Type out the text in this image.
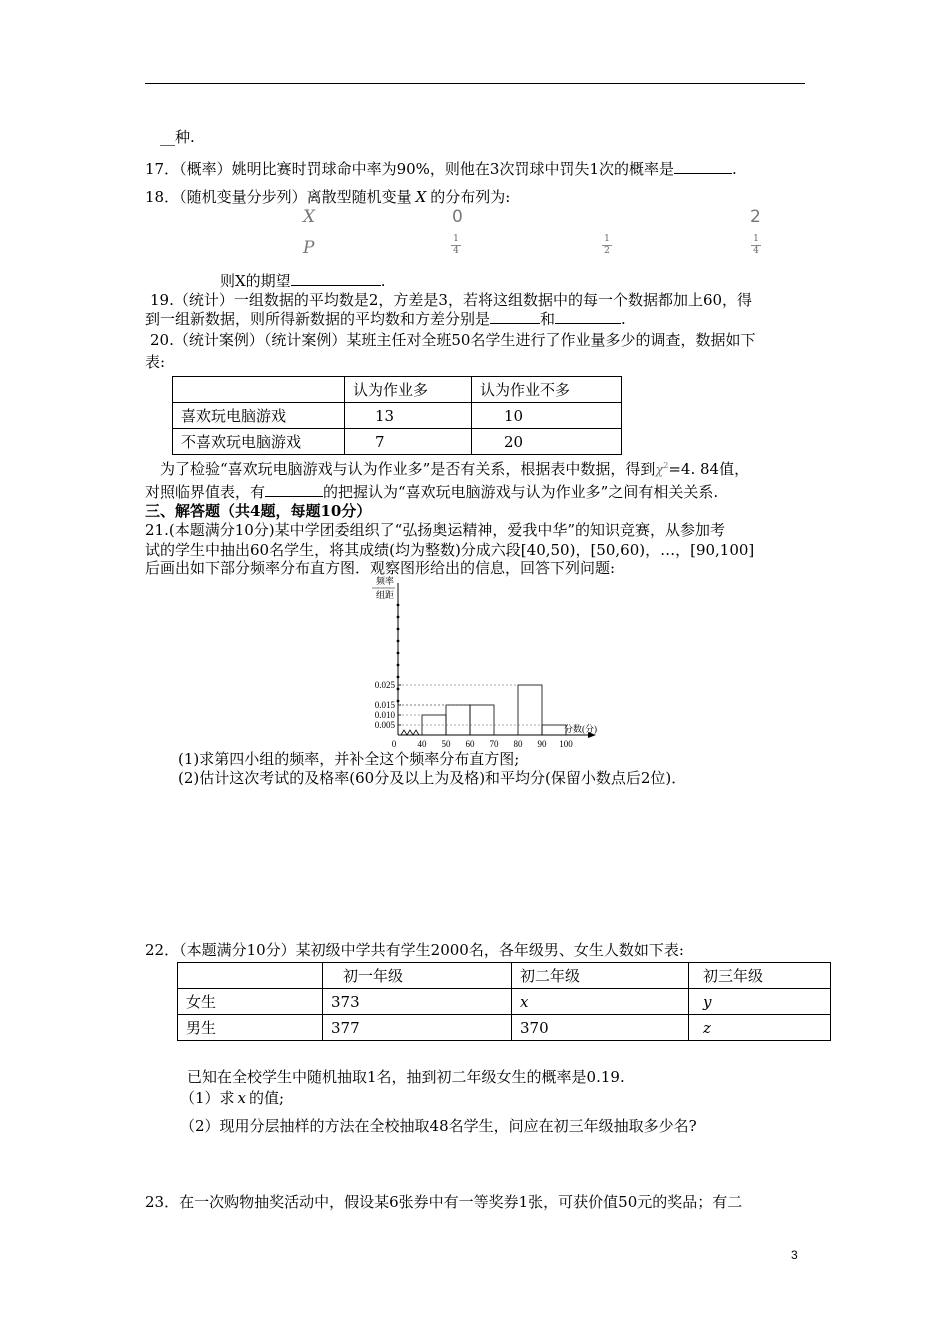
__种.
17．（概率）姚明比赛时罚球命中率为90%，则他在3次罚球中罚失1次的概率是	.
18．（随机变量分步列）离散型随机变量 X 的分布列为:
X	0	2
P	$\frac{1}{4}$	$\frac{1}{2}$	$\frac{1}{4}$
则X的期望	.
19.（统计）一组数据的平均数是2，方差是3，若将这组数据中的每一个数据都加上60，得
到一组新数据，则所得新数据的平均数和方差分别是	和	.
20.（统计案例）（统计案例）某班主任对全班50名学生进行了作业量多少的调查，数据如下
表:
	认为作业多	认为作业不多
喜欢玩电脑游戏	13	10
不喜欢玩电脑游戏	7	20
为了检验“喜欢玩电脑游戏与认为作业多”是否有关系，根据表中数据，得到$\chi^2=4$. 84值，
对照临界值表，有	的把握认为“喜欢玩电脑游戏与认为作业多”之间有相关关系.
三、解答题（共4题，每题10分）
21.(本题满分10分)某中学团委组织了“弘扬奥运精神，爱我中华”的知识竞赛，从参加考
试的学生中抽出60名学生，将其成绩(均为整数)分成六段[40,50)，[50,60)，…，[90,100]
后画出如下部分频率分布直方图．观察图形给出的信息，回答下列问题:
频率
组距
0.005
0.010
0.015
0.025
40 50 60 70 80 90 100
0
分数(分)
(1)求第四小组的频率，并补全这个频率分布直方图;
(2)估计这次考试的及格率(60分及以上为及格)和平均分(保留小数点后2位)．
22．（本题满分10分）某初级中学共有学生2000名，各年级男、女生人数如下表:
	初一年级	初二年级	初三年级
女生	373	x	y
男生	377	370	z
已知在全校学生中随机抽取1名，抽到初二年级女生的概率是0.19.
（1）求 x 的值;
（2）现用分层抽样的方法在全校抽取48名学生，问应在初三年级抽取多少名?
23．在一次购物抽奖活动中，假设某6张券中有一等奖券1张，可获价值50元的奖品；有二
3
